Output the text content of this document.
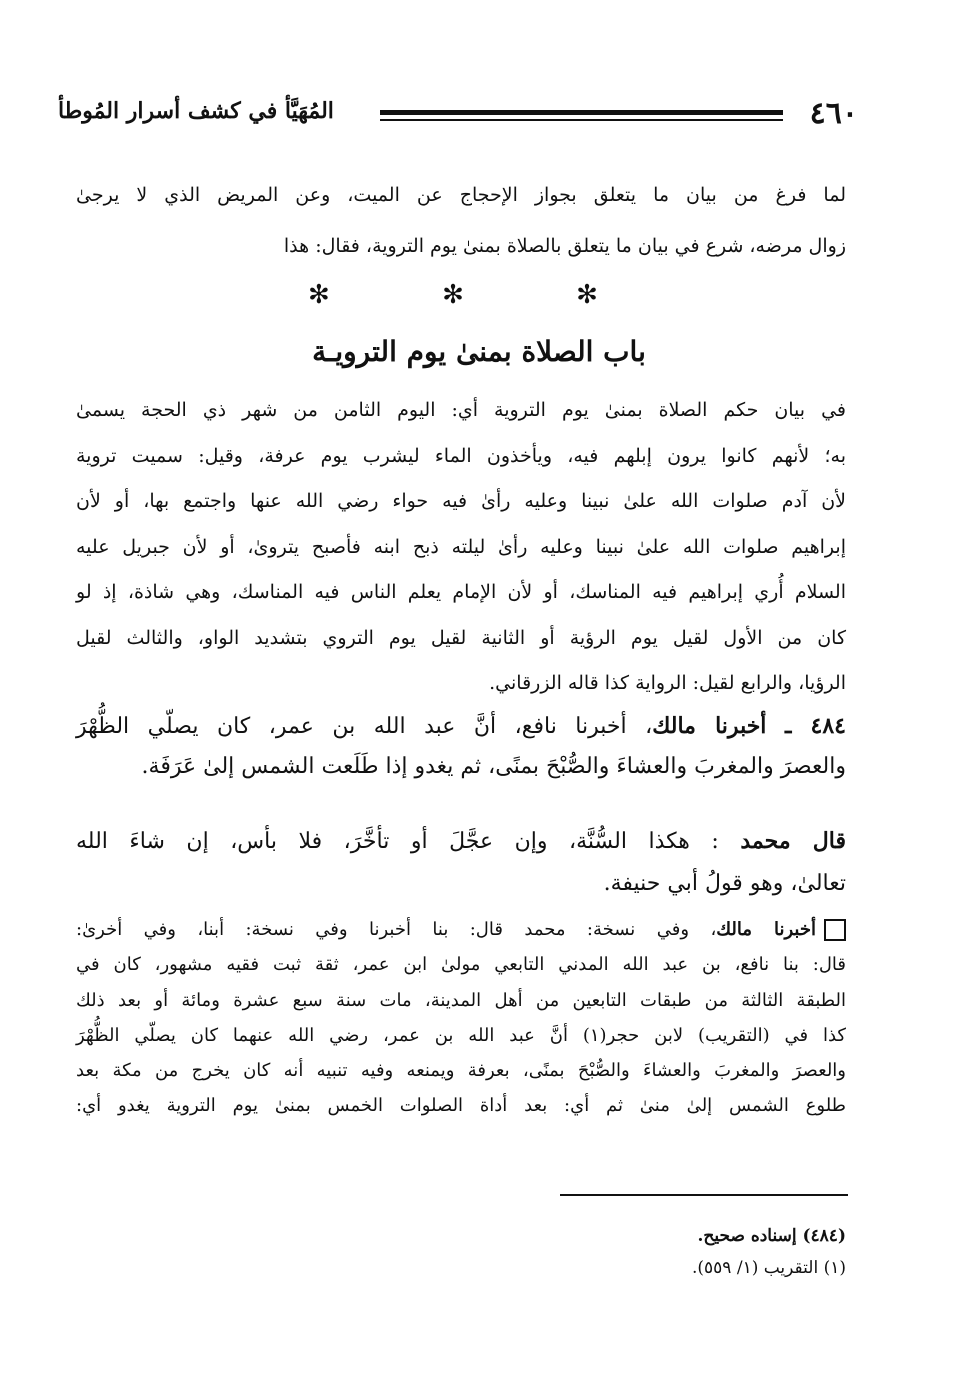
٤٦٠
المُهَيَّأ في كشف أسرار المُوطأ
لما فرغ من بيان ما يتعلق بجواز الإحجاج عن الميت، وعن المريض الذي لا يرجىٰ
زوال مرضه، شرع في بيان ما يتعلق بالصلاة بمنىٰ يوم التروية، فقال: هذا
✻ ✻ ✻
باب الصلاة بمنىٰ يوم الترويـة
في بيان حكم الصلاة بمنىٰ يوم التروية أي: اليوم الثامن من شهر ذي الحجة يسمىٰ
به؛ لأنهم كانوا يرون إبلهم فيه، ويأخذون الماء ليشرب يوم عرفة، وقيل: سميت تروية
لأن آدم صلوات الله علىٰ نبينا وعليه رأىٰ فيه حواء رضي الله عنها واجتمع بها، أو لأن
إبراهيم صلوات الله علىٰ نبينا وعليه رأىٰ ليلته ذبح ابنه فأصبح يتروىٰ، أو لأن جبريل عليه
السلام أُري إبراهيم فيه المناسك، أو لأن الإمام يعلم الناس فيه المناسك، وهي شاذة، إذ لو
كان من الأول لقيل يوم الرؤية أو الثانية لقيل يوم التروي بتشديد الواو، والثالث لقيل
الرؤيا، والرابع لقيل: الرواية كذا قاله الزرقاني.
٤٨٤ ـ أخبرنا مالك، أخبرنا نافع، أنَّ عبد الله بن عمر، كان يصلّي الظُّهْرَ
والعصرَ والمغربَ والعشاءَ والصُّبْحَ بمنًى، ثم يغدو إذا طَلَعت الشمس إلىٰ عَرَفَة.
قال محمد : هكذا السُّنَّة، وإن عجَّلَ أو تأخَّرَ، فلا بأس، إن شاءَ الله
تعالىٰ، وهو قولُ أبي حنيفة.
أخبرنا مالك، وفي نسخة: محمد قال: بنا أخبرنا وفي نسخة: أبنا، وفي أخرىٰ:
قال: بنا نافع، بن عبد الله المدني التابعي مولىٰ ابن عمر، ثقة ثبت فقيه مشهور، كان في
الطبقة الثالثة من طبقات التابعين من أهل المدينة، مات سنة سبع عشرة ومائة أو بعد ذلك
كذا في (التقريب) لابن حجر(١) أنَّ عبد الله بن عمر، رضي الله عنهما كان يصلّي الظُّهْرَ
والعصرَ والمغربَ والعشاءَ والصُّبْحَ بمنًى، بعرفة ويمنعه وفيه تنبيه أنه كان يخرج من مكة بعد
طلوع الشمس إلىٰ منىٰ ثم أي: بعد أداة الصلوات الخمس بمنىٰ يوم التروية يغدو أي:
(٤٨٤) إسناده صحيح.
(١) التقريب (١/ ٥٥٩).
